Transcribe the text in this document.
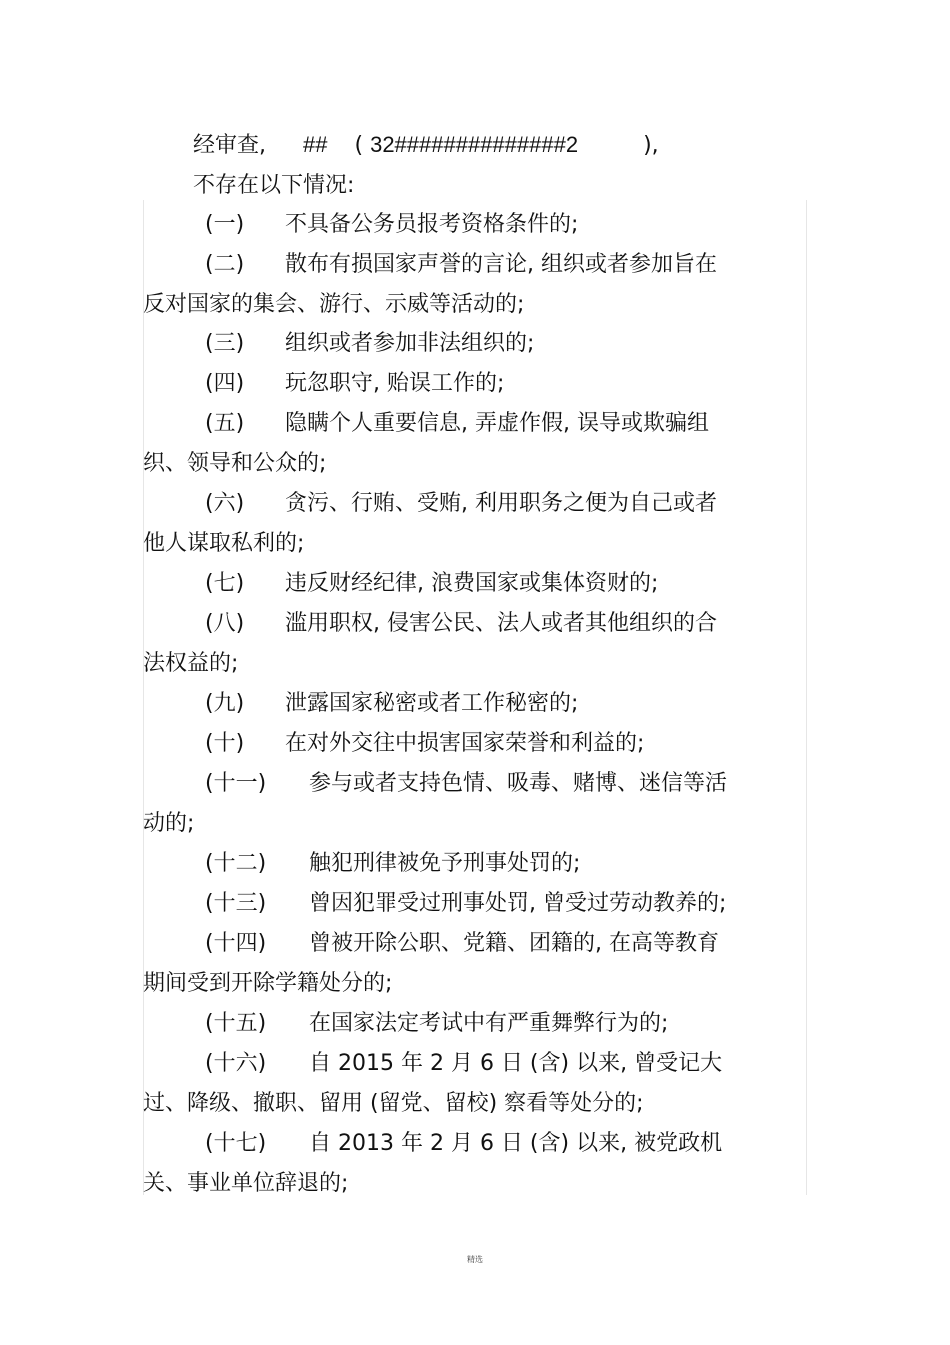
经审查, ## ( 32##############2	),
不存在以下情况:
(一) 不具备公务员报考资格条件的;
(二) 散布有损国家声誉的言论, 组织或者参加旨在
反对国家的集会、游行、示威等活动的;
(三) 组织或者参加非法组织的;
(四) 玩忽职守, 贻误工作的;
(五) 隐瞒个人重要信息, 弄虚作假, 误导或欺骗组
织、领导和公众的;
(六) 贪污、行贿、受贿, 利用职务之便为自己或者
他人谋取私利的;
(七) 违反财经纪律, 浪费国家或集体资财的;
(八) 滥用职权, 侵害公民、法人或者其他组织的合
法权益的;
(九) 泄露国家秘密或者工作秘密的;
(十) 在对外交往中损害国家荣誉和利益的;
(十一) 参与或者支持色情、吸毒、赌博、迷信等活
动的;
(十二) 触犯刑律被免予刑事处罚的;
(十三) 曾因犯罪受过刑事处罚, 曾受过劳动教养的;
(十四) 曾被开除公职、党籍、团籍的, 在高等教育
期间受到开除学籍处分的;
(十五) 在国家法定考试中有严重舞弊行为的;
(十六) 自 2015 年 2 月 6 日 (含) 以来, 曾受记大
过、降级、撤职、留用 (留党、留校) 察看等处分的;
(十七) 自 2013 年 2 月 6 日 (含) 以来, 被党政机
关、事业单位辞退的;
精选
